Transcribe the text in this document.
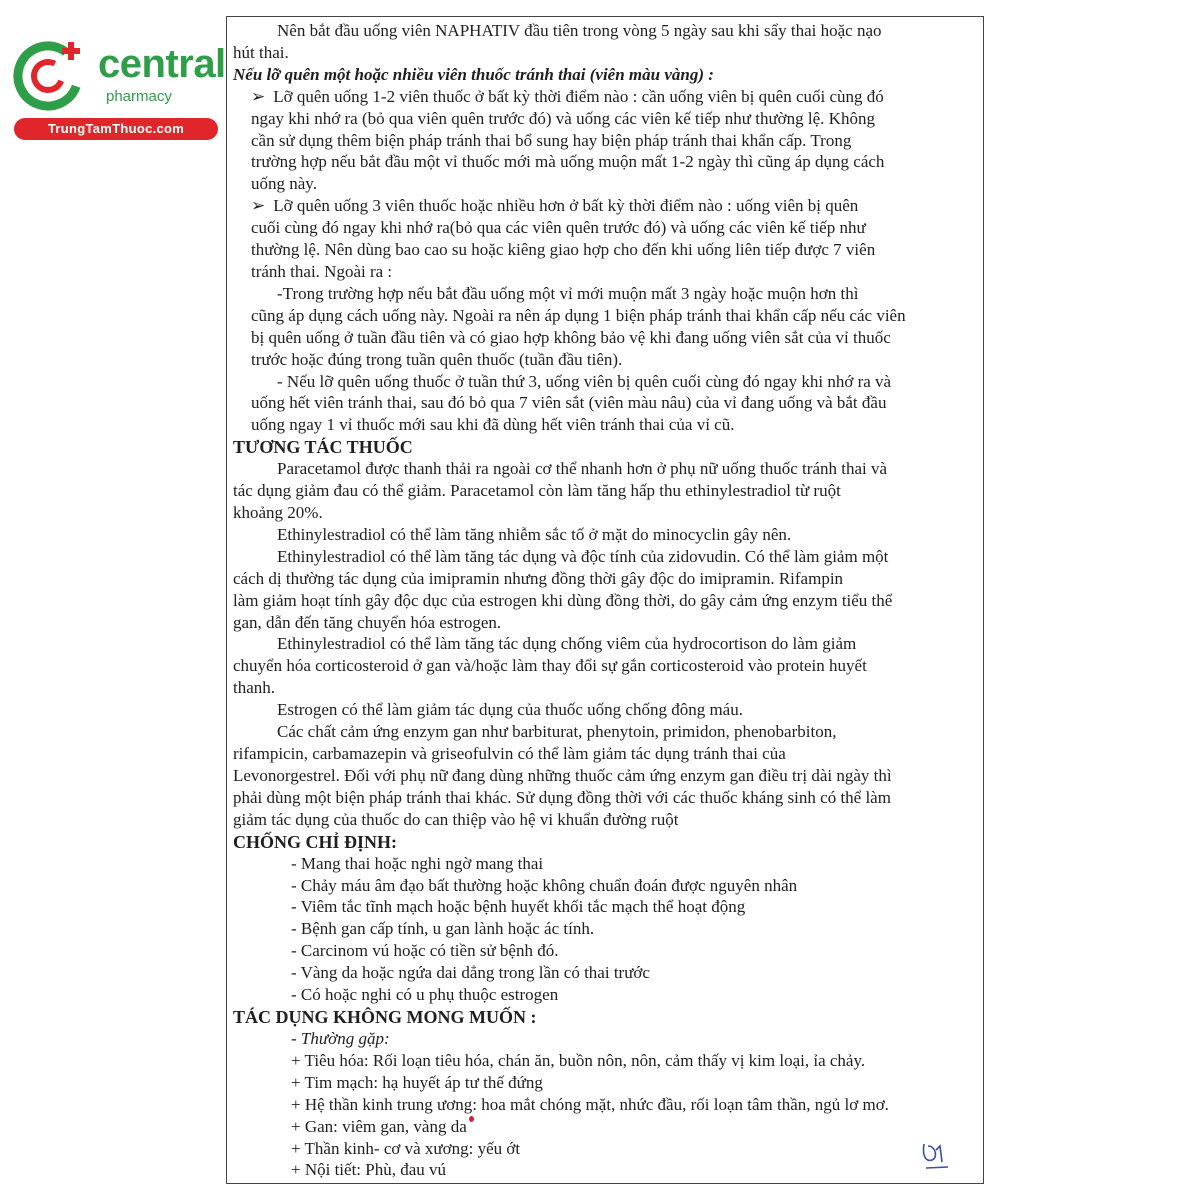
central
pharmacy
TrungTamThuoc.com

Nên bắt đầu uống viên NAPHATIV đầu tiên trong vòng 5 ngày sau khi sẩy thai hoặc nạo

hút thai.

Nếu lỡ quên một hoặc nhiều viên thuốc tránh thai (viên màu vàng) :

➢ Lỡ quên uống 1-2 viên thuốc ở bất kỳ thời điểm nào : cần uống viên bị quên cuối cùng đó

ngay khi nhớ ra (bỏ qua viên quên trước đó) và uống các viên kế tiếp như thường lệ. Không

cần sử dụng thêm biện pháp tránh thai bổ sung hay biện pháp tránh thai khẩn cấp. Trong

trường hợp nếu bắt đầu một vỉ thuốc mới mà uống muộn mất 1-2 ngày thì cũng áp dụng cách

uống này.

➢ Lỡ quên uống 3 viên thuốc hoặc nhiều hơn ở bất kỳ thời điểm nào : uống viên bị quên

cuối cùng đó ngay khi nhớ ra(bỏ qua các viên quên trước đó) và uống các viên kế tiếp như

thường lệ. Nên dùng bao cao su hoặc kiêng giao hợp cho đến khi uống liên tiếp được 7 viên

tránh thai. Ngoài ra :

-Trong trường hợp nếu bắt đầu uống một vỉ mới muộn mất 3 ngày hoặc muộn hơn thì

cũng áp dụng cách uống này. Ngoài ra nên áp dụng 1 biện pháp tránh thai khẩn cấp nếu các viên

bị quên uống ở tuần đầu tiên và có giao hợp không bảo vệ khi đang uống viên sắt của vỉ thuốc

trước hoặc đúng trong tuần quên thuốc (tuần đầu tiên).

- Nếu lỡ quên uống thuốc ở tuần thứ 3, uống viên bị quên cuối cùng đó ngay khi nhớ ra và

uống hết viên tránh thai, sau đó bỏ qua 7 viên sắt (viên màu nâu) của vỉ đang uống và bắt đầu

uống ngay 1 vỉ thuốc mới sau khi đã dùng hết viên tránh thai của vỉ cũ.

TƯƠNG TÁC THUỐC

Paracetamol được thanh thải ra ngoài cơ thể nhanh hơn ở phụ nữ uống thuốc tránh thai và

tác dụng giảm đau có thể giảm. Paracetamol còn làm tăng hấp thu ethinylestradiol từ ruột

khoảng 20%.

Ethinylestradiol có thể làm tăng nhiễm sắc tố ở mặt do minocyclin gây nên.

Ethinylestradiol có thể làm tăng tác dụng và độc tính của zidovudin. Có thể làm giảm một

cách dị thường tác dụng của imipramin nhưng đồng thời gây độc do imipramin. Rifampin

làm giảm hoạt tính gây độc dục của estrogen khi dùng đồng thời, do gây cảm ứng enzym tiểu thể

gan, dẫn đến tăng chuyển hóa estrogen.

Ethinylestradiol có thể làm tăng tác dụng chống viêm của hydrocortison do làm giảm

chuyển hóa corticosteroid ở gan và/hoặc làm thay đổi sự gắn corticosteroid vào protein huyết

thanh.

Estrogen có thể làm giảm tác dụng của thuốc uống chống đông máu.

Các chất cảm ứng enzym gan như barbiturat, phenytoin, primidon, phenobarbiton,

rifampicin, carbamazepin và griseofulvin có thể làm giảm tác dụng tránh thai của

Levonorgestrel. Đối với phụ nữ đang dùng những thuốc cảm ứng enzym gan điều trị dài ngày thì

phải dùng một biện pháp tránh thai khác. Sử dụng đồng thời với các thuốc kháng sinh có thể làm

giảm tác dụng của thuốc do can thiệp vào hệ vi khuẩn đường ruột

CHỐNG CHỈ ĐỊNH:

- Mang thai hoặc nghi ngờ mang thai

- Chảy máu âm đạo bất thường hoặc không chuẩn đoán được nguyên nhân

- Viêm tắc tĩnh mạch hoặc bệnh huyết khối tắc mạch thể hoạt động

- Bệnh gan cấp tính, u gan lành hoặc ác tính.

- Carcinom vú hoặc có tiền sử bệnh đó.

- Vàng da hoặc ngứa dai dẳng trong lần có thai trước

- Có hoặc nghi có u phụ thuộc estrogen

TÁC DỤNG KHÔNG MONG MUỐN :

- Thường gặp:

+ Tiêu hóa: Rối loạn tiêu hóa, chán ăn, buồn nôn, nôn, cảm thấy vị kim loại, ỉa chảy.

+ Tim mạch: hạ huyết áp tư thế đứng

+ Hệ thần kinh trung ương: hoa mắt chóng mặt, nhức đầu, rối loạn tâm thần, ngủ lơ mơ.

+ Gan: viêm gan, vàng da

+ Thần kinh- cơ và xương: yếu ớt

+ Nội tiết: Phù, đau vú
